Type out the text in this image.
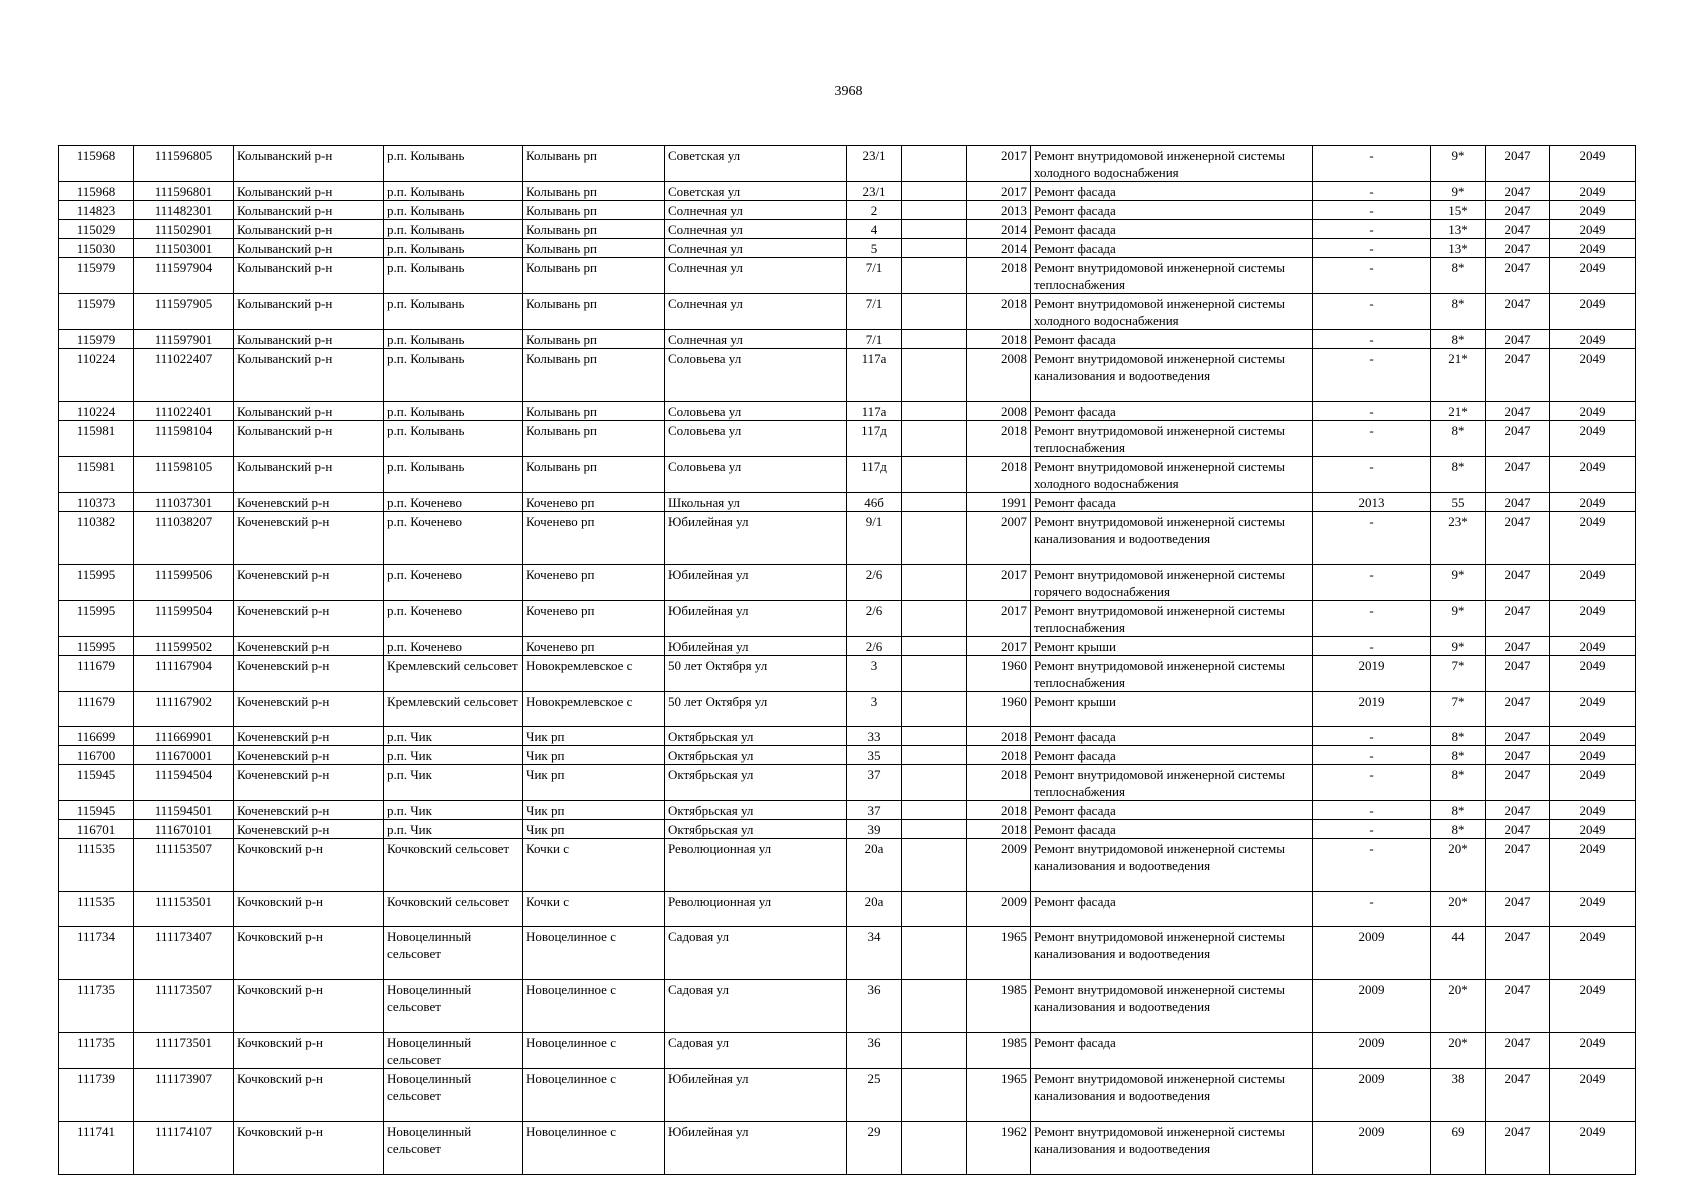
3968
115968	111596805	Колыванский р-н	р.п. Колывань	Колывань рп	Советская ул	23/1		2017	Ремонт внутридомовой инженерной системы холодного водоснабжения	-	9*	2047	2049
115968	111596801	Колыванский р-н	р.п. Колывань	Колывань рп	Советская ул	23/1		2017	Ремонт фасада	-	9*	2047	2049
114823	111482301	Колыванский р-н	р.п. Колывань	Колывань рп	Солнечная ул	2		2013	Ремонт фасада	-	15*	2047	2049
115029	111502901	Колыванский р-н	р.п. Колывань	Колывань рп	Солнечная ул	4		2014	Ремонт фасада	-	13*	2047	2049
115030	111503001	Колыванский р-н	р.п. Колывань	Колывань рп	Солнечная ул	5		2014	Ремонт фасада	-	13*	2047	2049
115979	111597904	Колыванский р-н	р.п. Колывань	Колывань рп	Солнечная ул	7/1		2018	Ремонт внутридомовой инженерной системы теплоснабжения	-	8*	2047	2049
115979	111597905	Колыванский р-н	р.п. Колывань	Колывань рп	Солнечная ул	7/1		2018	Ремонт внутридомовой инженерной системы холодного водоснабжения	-	8*	2047	2049
115979	111597901	Колыванский р-н	р.п. Колывань	Колывань рп	Солнечная ул	7/1		2018	Ремонт фасада	-	8*	2047	2049
110224	111022407	Колыванский р-н	р.п. Колывань	Колывань рп	Соловьева ул	117а		2008	Ремонт внутридомовой инженерной системы канализования и водоотведения	-	21*	2047	2049
110224	111022401	Колыванский р-н	р.п. Колывань	Колывань рп	Соловьева ул	117а		2008	Ремонт фасада	-	21*	2047	2049
115981	111598104	Колыванский р-н	р.п. Колывань	Колывань рп	Соловьева ул	117д		2018	Ремонт внутридомовой инженерной системы теплоснабжения	-	8*	2047	2049
115981	111598105	Колыванский р-н	р.п. Колывань	Колывань рп	Соловьева ул	117д		2018	Ремонт внутридомовой инженерной системы холодного водоснабжения	-	8*	2047	2049
110373	111037301	Коченевский р-н	р.п. Коченево	Коченево рп	Школьная ул	46б		1991	Ремонт фасада	2013	55	2047	2049
110382	111038207	Коченевский р-н	р.п. Коченево	Коченево рп	Юбилейная ул	9/1		2007	Ремонт внутридомовой инженерной системы канализования и водоотведения	-	23*	2047	2049
115995	111599506	Коченевский р-н	р.п. Коченево	Коченево рп	Юбилейная ул	2/6		2017	Ремонт внутридомовой инженерной системы горячего водоснабжения	-	9*	2047	2049
115995	111599504	Коченевский р-н	р.п. Коченево	Коченево рп	Юбилейная ул	2/6		2017	Ремонт внутридомовой инженерной системы теплоснабжения	-	9*	2047	2049
115995	111599502	Коченевский р-н	р.п. Коченево	Коченево рп	Юбилейная ул	2/6		2017	Ремонт крыши	-	9*	2047	2049
111679	111167904	Коченевский р-н	Кремлевский сельсовет	Новокремлевское с	50 лет Октября ул	3		1960	Ремонт внутридомовой инженерной системы теплоснабжения	2019	7*	2047	2049
111679	111167902	Коченевский р-н	Кремлевский сельсовет	Новокремлевское с	50 лет Октября ул	3		1960	Ремонт крыши	2019	7*	2047	2049
116699	111669901	Коченевский р-н	р.п. Чик	Чик рп	Октябрьская ул	33		2018	Ремонт фасада	-	8*	2047	2049
116700	111670001	Коченевский р-н	р.п. Чик	Чик рп	Октябрьская ул	35		2018	Ремонт фасада	-	8*	2047	2049
115945	111594504	Коченевский р-н	р.п. Чик	Чик рп	Октябрьская ул	37		2018	Ремонт внутридомовой инженерной системы теплоснабжения	-	8*	2047	2049
115945	111594501	Коченевский р-н	р.п. Чик	Чик рп	Октябрьская ул	37		2018	Ремонт фасада	-	8*	2047	2049
116701	111670101	Коченевский р-н	р.п. Чик	Чик рп	Октябрьская ул	39		2018	Ремонт фасада	-	8*	2047	2049
111535	111153507	Кочковский р-н	Кочковский сельсовет	Кочки с	Революционная ул	20а		2009	Ремонт внутридомовой инженерной системы канализования и водоотведения	-	20*	2047	2049
111535	111153501	Кочковский р-н	Кочковский сельсовет	Кочки с	Революционная ул	20а		2009	Ремонт фасада	-	20*	2047	2049
111734	111173407	Кочковский р-н	Новоцелинный сельсовет	Новоцелинное с	Садовая ул	34		1965	Ремонт внутридомовой инженерной системы канализования и водоотведения	2009	44	2047	2049
111735	111173507	Кочковский р-н	Новоцелинный сельсовет	Новоцелинное с	Садовая ул	36		1985	Ремонт внутридомовой инженерной системы канализования и водоотведения	2009	20*	2047	2049
111735	111173501	Кочковский р-н	Новоцелинный сельсовет	Новоцелинное с	Садовая ул	36		1985	Ремонт фасада	2009	20*	2047	2049
111739	111173907	Кочковский р-н	Новоцелинный сельсовет	Новоцелинное с	Юбилейная ул	25		1965	Ремонт внутридомовой инженерной системы канализования и водоотведения	2009	38	2047	2049
111741	111174107	Кочковский р-н	Новоцелинный сельсовет	Новоцелинное с	Юбилейная ул	29		1962	Ремонт внутридомовой инженерной системы канализования и водоотведения	2009	69	2047	2049
